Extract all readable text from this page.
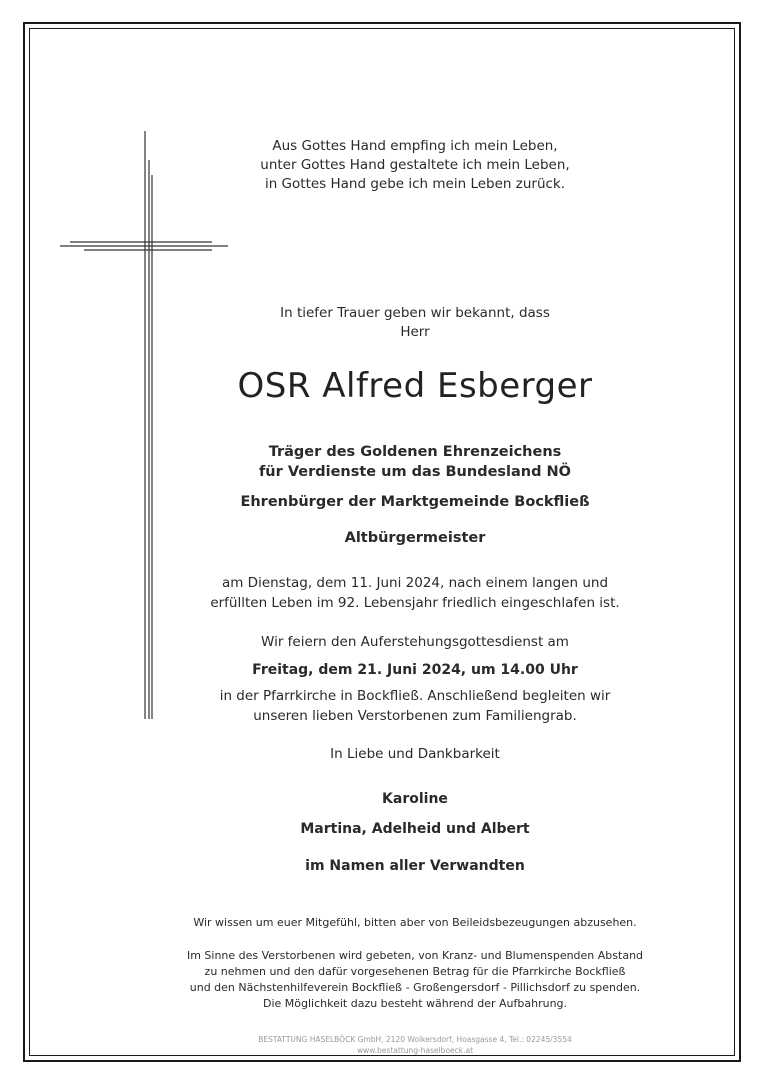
Aus Gottes Hand empfing ich mein Leben,

unter Gottes Hand gestaltete ich mein Leben,

in Gottes Hand gebe ich mein Leben zurück.

In tiefer Trauer geben wir bekannt, dass

Herr

OSR Alfred Esberger

Träger des Goldenen Ehrenzeichens

für Verdienste um das Bundesland NÖ

Ehrenbürger der Marktgemeinde Bockfließ

Altbürgermeister

am Dienstag, dem 11. Juni 2024, nach einem langen und

erfüllten Leben im 92. Lebensjahr friedlich eingeschlafen ist.

Wir feiern den Auferstehungsgottesdienst am

Freitag, dem 21. Juni 2024, um 14.00 Uhr

in der Pfarrkirche in Bockfließ. Anschließend begleiten wir

unseren lieben Verstorbenen zum Familiengrab.

In Liebe und Dankbarkeit

Karoline

Martina, Adelheid und Albert

im Namen aller Verwandten

Wir wissen um euer Mitgefühl, bitten aber von Beileidsbezeugungen abzusehen.

Im Sinne des Verstorbenen wird gebeten, von Kranz- und Blumenspenden Abstand

zu nehmen und den dafür vorgesehenen Betrag für die Pfarrkirche Bockfließ

und den Nächstenhilfeverein Bockfließ - Großengersdorf - Pillichsdorf zu spenden.

Die Möglichkeit dazu besteht während der Aufbahrung.

BESTATTUNG HASELBÖCK GmbH, 2120 Wolkersdorf, Hoasgasse 4, Tel.: 02245/3554
www.bestattung-haselboeck.at
